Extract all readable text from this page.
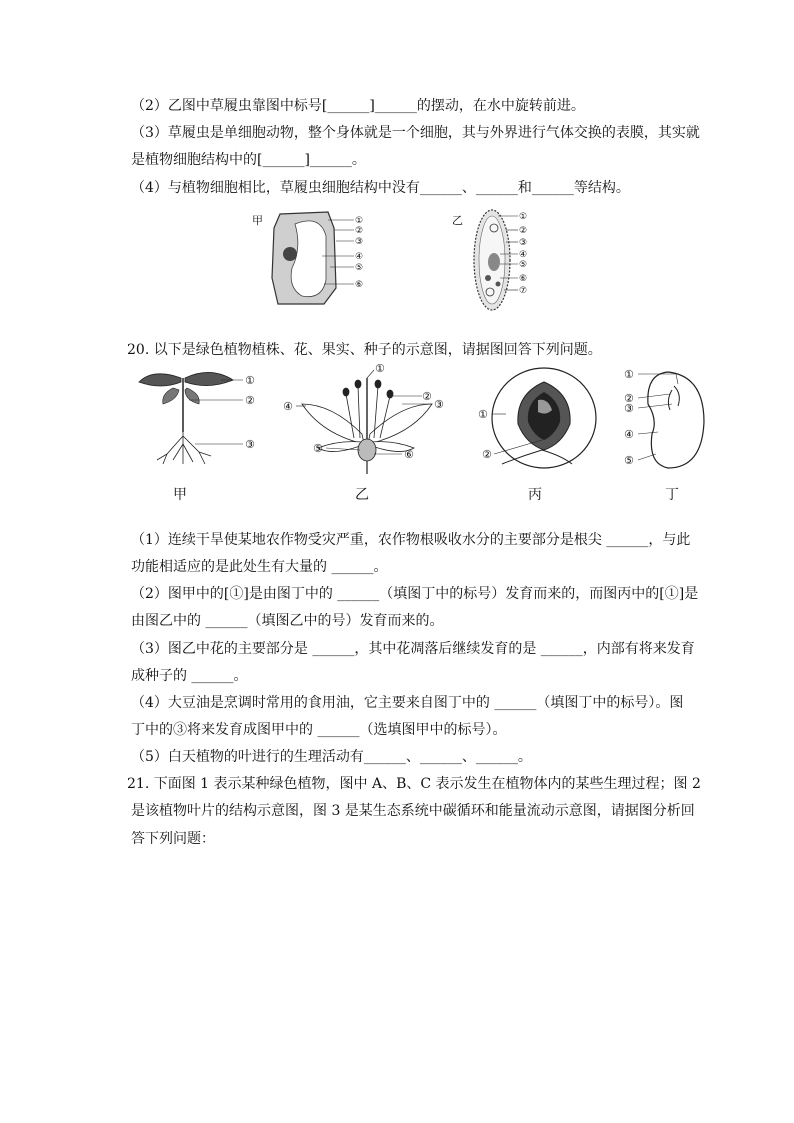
（2）乙图中草履虫靠图中标号[______]______的摆动，在水中旋转前进。
（3）草履虫是单细胞动物，整个身体就是一个细胞，其与外界进行气体交换的表膜，其实就
是植物细胞结构中的[______]______。
（4）与植物细胞相比，草履虫细胞结构中没有______、______和______等结构。
甲	①
②
③
④
⑤
⑥
乙	①
②
③
④
⑤
⑥
⑦
20. 以下是绿色植物植株、花、果实、种子的示意图，请据图回答下列问题。
①
②
③
甲
①
②
③
④
⑤	⑥
乙
①
②
丙
①
②
③
④
⑤
丁
（1）连续干旱使某地农作物受灾严重，农作物根吸收水分的主要部分是根尖 ______，与此
功能相适应的是此处生有大量的 ______。
（2）图甲中的[①]是由图丁中的 ______（填图丁中的标号）发育而来的，而图丙中的[①]是
由图乙中的 ______（填图乙中的号）发育而来的。
（3）图乙中花的主要部分是 ______，其中花凋落后继续发育的是 ______，内部有将来发育
成种子的 ______。
（4）大豆油是烹调时常用的食用油，它主要来自图丁中的 ______（填图丁中的标号）。图
丁中的③将来发育成图甲中的 ______（选填图甲中的标号）。
（5）白天植物的叶进行的生理活动有______、______、______。
21. 下面图 1 表示某种绿色植物，图中 A、B、C 表示发生在植物体内的某些生理过程；图 2
是该植物叶片的结构示意图，图 3 是某生态系统中碳循环和能量流动示意图，请据图分析回
答下列问题：
